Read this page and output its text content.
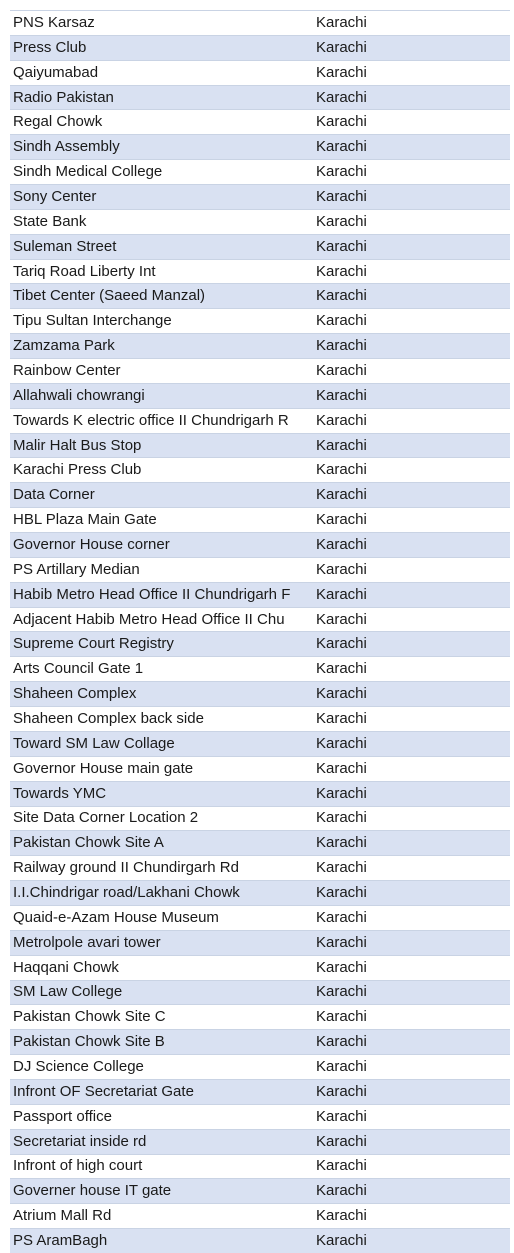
PNS Karsaz	Karachi
Press Club	Karachi
Qaiyumabad	Karachi
Radio Pakistan	Karachi
Regal Chowk	Karachi
Sindh Assembly	Karachi
Sindh Medical College	Karachi
Sony Center	Karachi
State Bank	Karachi
Suleman Street	Karachi
Tariq Road Liberty Int	Karachi
Tibet Center (Saeed Manzal)	Karachi
Tipu Sultan Interchange	Karachi
Zamzama Park	Karachi
Rainbow Center	Karachi
Allahwali chowrangi	Karachi
Towards K electric office II Chundrigarh R	Karachi
Malir Halt Bus Stop	Karachi
Karachi Press Club	Karachi
Data Corner	Karachi
HBL Plaza Main Gate	Karachi
Governor House corner	Karachi
PS Artillary Median	Karachi
Habib Metro Head Office II Chundrigarh F	Karachi
Adjacent Habib Metro Head Office II Chu	Karachi
Supreme Court Registry	Karachi
Arts Council Gate 1	Karachi
Shaheen Complex	Karachi
Shaheen Complex back side	Karachi
Toward SM Law Collage	Karachi
Governor House main gate	Karachi
Towards YMC	Karachi
Site Data Corner Location 2	Karachi
Pakistan Chowk Site A	Karachi
Railway ground II Chundirgarh Rd	Karachi
I.I.Chindrigar road/Lakhani Chowk	Karachi
Quaid-e-Azam House Museum	Karachi
Metrolpole avari tower	Karachi
Haqqani Chowk	Karachi
SM Law College	Karachi
Pakistan Chowk Site C	Karachi
Pakistan Chowk Site B	Karachi
DJ Science College	Karachi
Infront OF Secretariat Gate	Karachi
Passport office	Karachi
Secretariat inside rd	Karachi
Infront of high court	Karachi
Governer house IT gate	Karachi
Atrium Mall Rd	Karachi
PS AramBagh	Karachi
